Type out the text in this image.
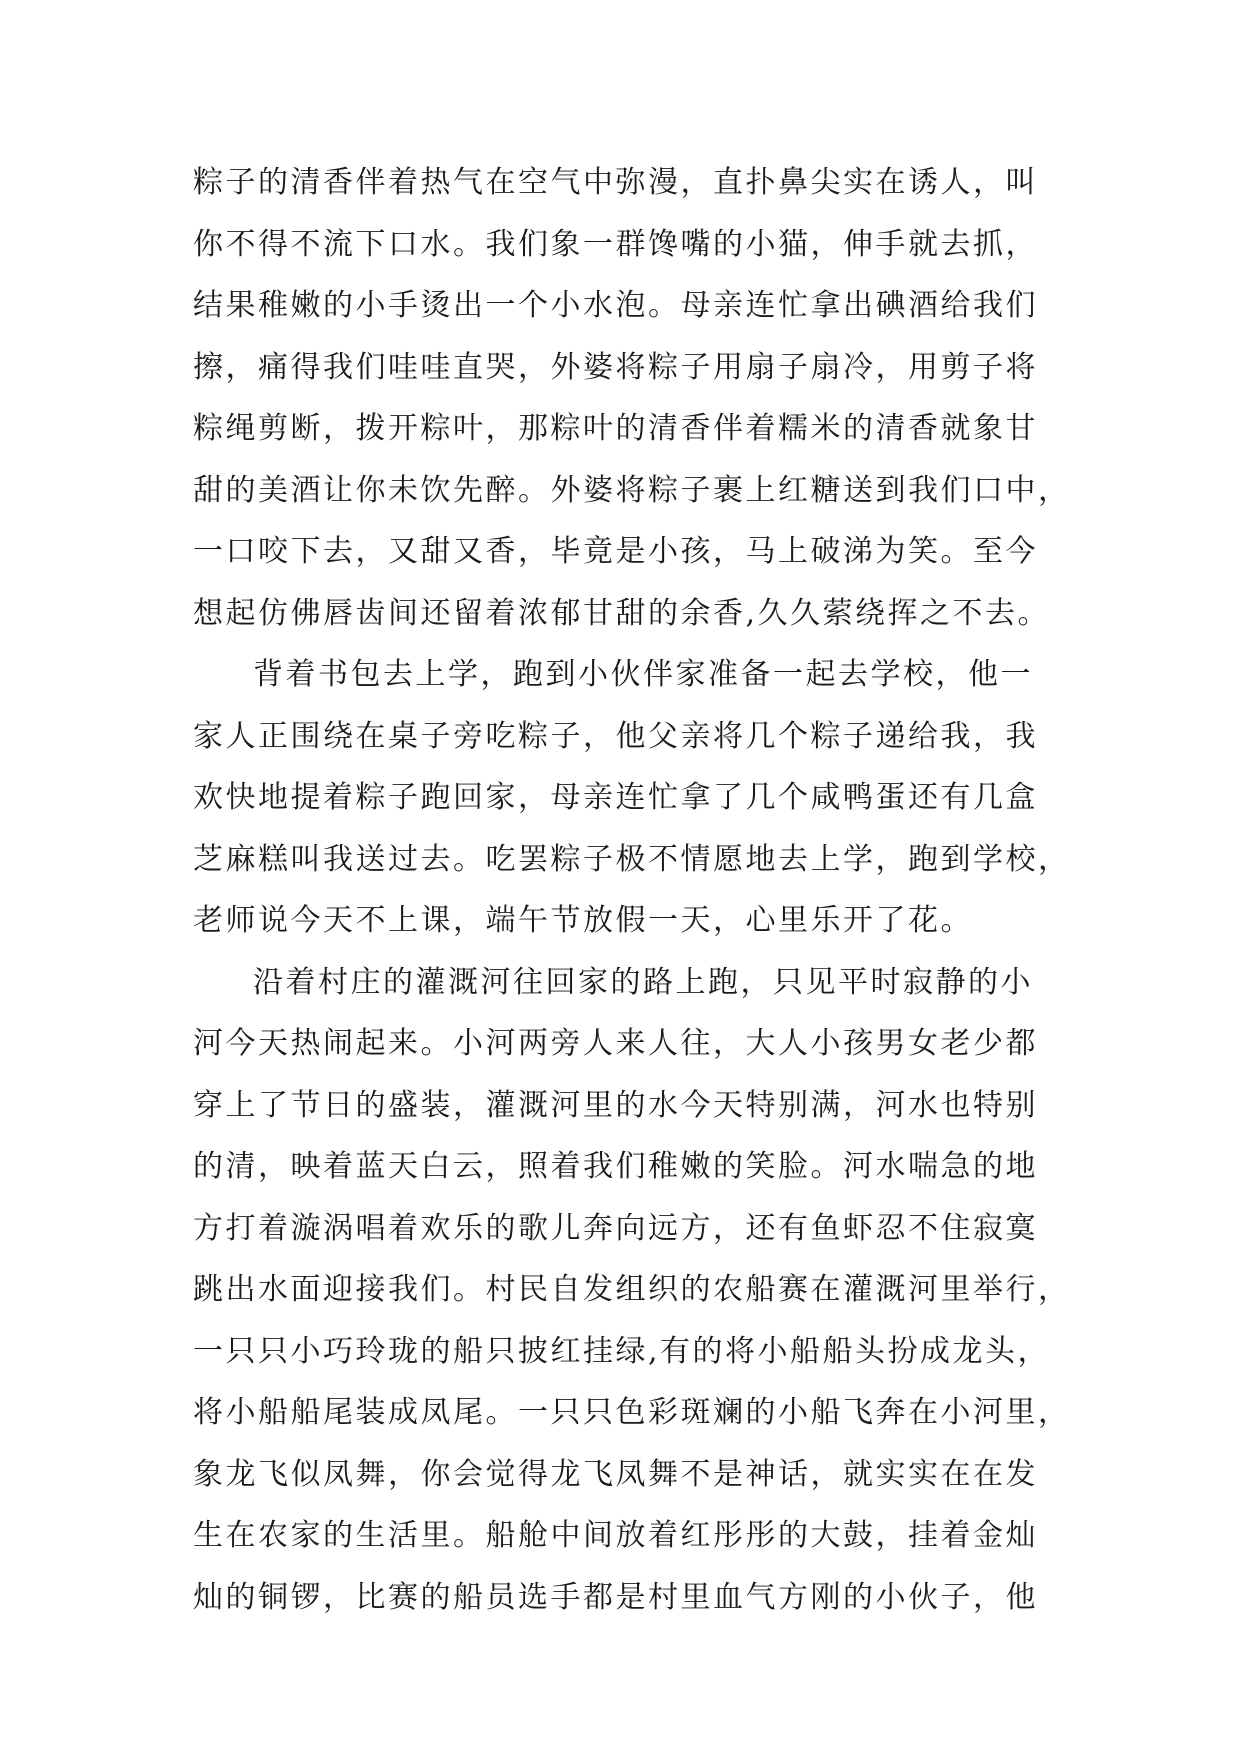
粽子的清香伴着热气在空气中弥漫，直扑鼻尖实在诱人，叫
你不得不流下口水。我们象一群馋嘴的小猫，伸手就去抓，
结果稚嫩的小手烫出一个小水泡。母亲连忙拿出碘酒给我们
擦，痛得我们哇哇直哭，外婆将粽子用扇子扇冷，用剪子将
粽绳剪断，拨开粽叶，那粽叶的清香伴着糯米的清香就象甘
甜的美酒让你未饮先醉。外婆将粽子裹上红糖送到我们口中，
一口咬下去，又甜又香，毕竟是小孩，马上破涕为笑。至今
想起仿佛唇齿间还留着浓郁甘甜的余香,久久萦绕挥之不去。
背着书包去上学，跑到小伙伴家准备一起去学校，他一
家人正围绕在桌子旁吃粽子，他父亲将几个粽子递给我，我
欢快地提着粽子跑回家，母亲连忙拿了几个咸鸭蛋还有几盒
芝麻糕叫我送过去。吃罢粽子极不情愿地去上学，跑到学校，
老师说今天不上课，端午节放假一天，心里乐开了花。
沿着村庄的灌溉河往回家的路上跑，只见平时寂静的小
河今天热闹起来。小河两旁人来人往，大人小孩男女老少都
穿上了节日的盛装，灌溉河里的水今天特别满，河水也特别
的清，映着蓝天白云，照着我们稚嫩的笑脸。河水喘急的地
方打着漩涡唱着欢乐的歌儿奔向远方，还有鱼虾忍不住寂寞
跳出水面迎接我们。村民自发组织的农船赛在灌溉河里举行，
一只只小巧玲珑的船只披红挂绿,有的将小船船头扮成龙头，
将小船船尾装成凤尾。一只只色彩斑斓的小船飞奔在小河里，
象龙飞似凤舞，你会觉得龙飞凤舞不是神话，就实实在在发
生在农家的生活里。船舱中间放着红彤彤的大鼓，挂着金灿
灿的铜锣，比赛的船员选手都是村里血气方刚的小伙子，他
